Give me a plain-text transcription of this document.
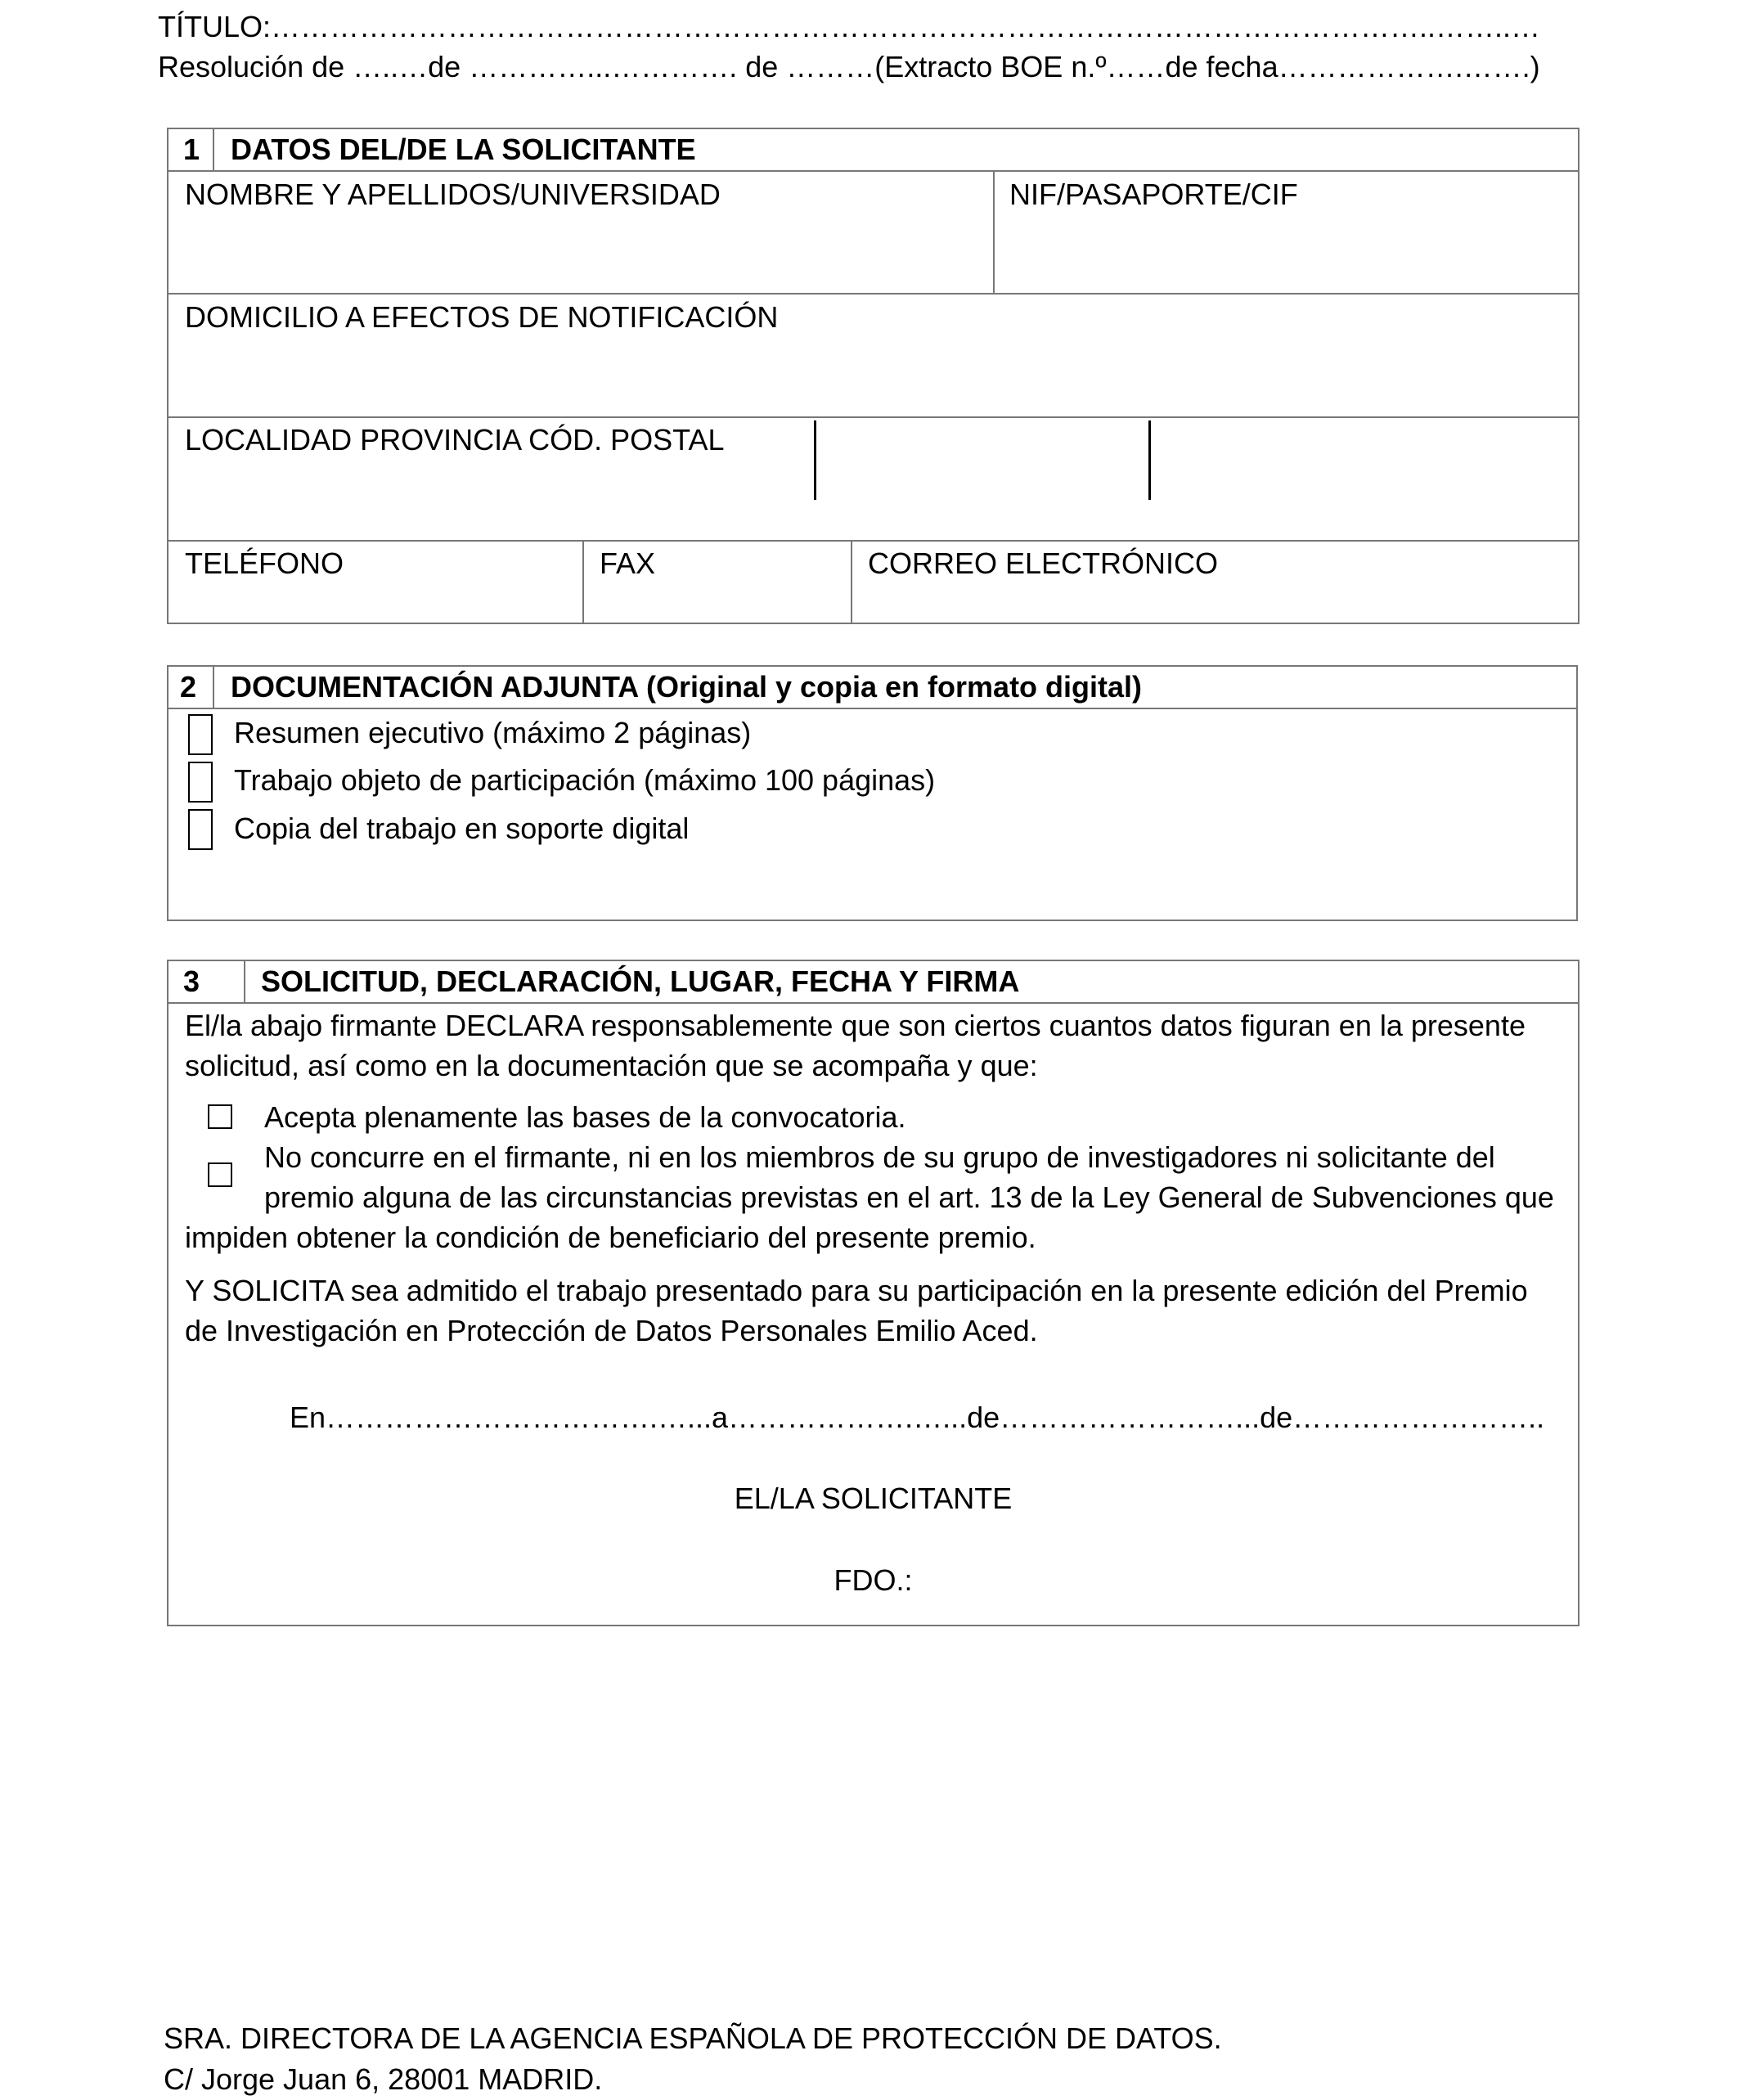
TÍTULO:………………………………………………………………………………………………………..……..…
Resolución de …..…de …………...…………. de ………(Extracto BOE n.º……de fecha……………….…….)
1	DATOS DEL/DE LA SOLICITANTE
NOMBRE Y APELLIDOS/UNIVERSIDAD	NIF/PASAPORTE/CIF
DOMICILIO A EFECTOS DE NOTIFICACIÓN
LOCALIDAD PROVINCIA CÓD. POSTAL
TELÉFONO	FAX	CORREO ELECTRÓNICO
2	DOCUMENTACIÓN ADJUNTA (Original y copia en formato digital)
Resumen ejecutivo (máximo 2 páginas)
Trabajo objeto de participación (máximo 100 páginas)
Copia del trabajo en soporte digital
3	SOLICITUD, DECLARACIÓN, LUGAR, FECHA Y FIRMA
El/la abajo firmante DECLARA responsablemente que son ciertos cuantos datos figuran en la presente
solicitud, así como en la documentación que se acompaña y que:
Acepta plenamente las bases de la convocatoria.
No concurre en el firmante, ni en los miembros de su grupo de investigadores ni solicitante del
premio alguna de las circunstancias previstas en el art. 13 de la Ley General de Subvenciones que
impiden obtener la condición de beneficiario del presente premio.
Y SOLICITA sea admitido el trabajo presentado para su participación en la presente edición del Premio
de Investigación en Protección de Datos Personales Emilio Aced.
En…………………………….…...a……………….…...de……………………...de……………………..
EL/LA SOLICITANTE
FDO.:
SRA. DIRECTORA DE LA AGENCIA ESPAÑOLA DE PROTECCIÓN DE DATOS.
C/ Jorge Juan 6, 28001 MADRID.
